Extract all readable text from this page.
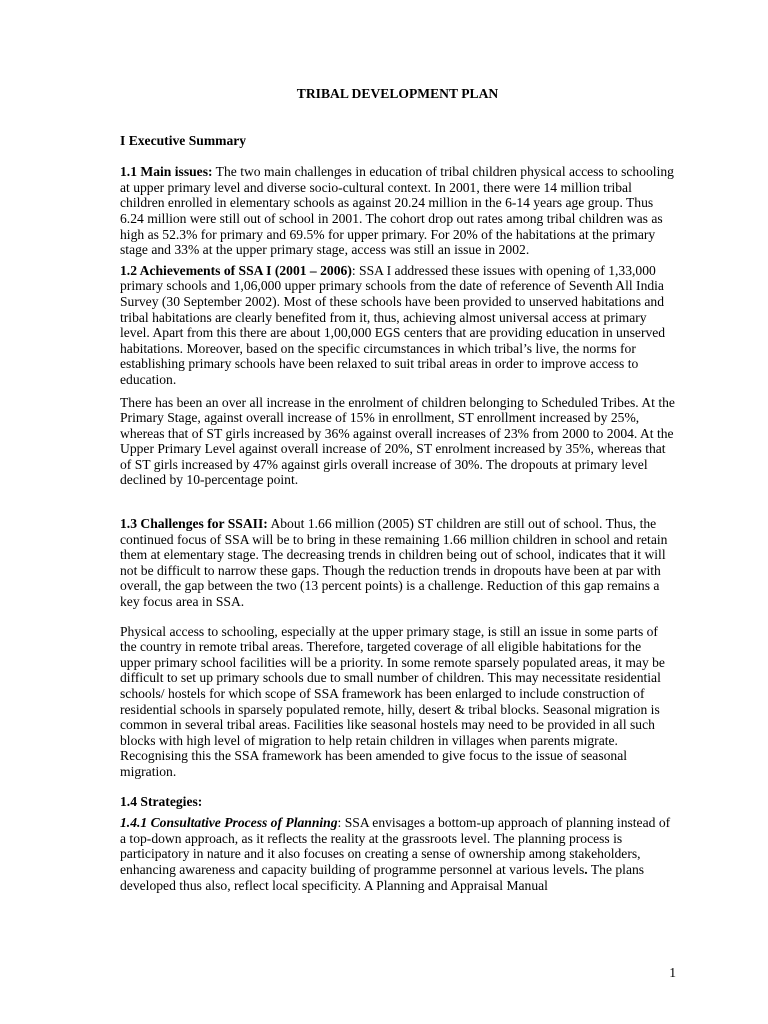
TRIBAL DEVELOPMENT PLAN
I Executive Summary

1.1 Main issues: The two main challenges in education of tribal children physical access to schooling at upper primary level and diverse socio-cultural context. In 2001, there were 14 million tribal children enrolled in elementary schools as against 20.24 million in the 6-14 years age group. Thus 6.24 million were still out of school in 2001. The cohort drop out rates among tribal children was as high as 52.3% for primary and 69.5% for upper primary. For 20% of the habitations at the primary stage and 33% at the upper primary stage, access was still an issue in 2002.

1.2 Achievements of SSA I (2001 – 2006): SSA I addressed these issues with opening of 1,33,000 primary schools and 1,06,000 upper primary schools from the date of reference of Seventh All India Survey (30 September 2002). Most of these schools have been provided to unserved habitations and tribal habitations are clearly benefited from it, thus, achieving almost universal access at primary level. Apart from this there are about 1,00,000 EGS centers that are providing education in unserved habitations. Moreover, based on the specific circumstances in which tribal’s live, the norms for establishing primary schools have been relaxed to suit tribal areas in order to improve access to education.

There has been an over all increase in the enrolment of children belonging to Scheduled Tribes. At the Primary Stage, against overall increase of 15% in enrollment, ST enrollment increased by 25%, whereas that of ST girls increased by 36% against overall increases of 23% from 2000 to 2004. At the Upper Primary Level against overall increase of 20%, ST enrolment increased by 35%, whereas that of ST girls increased by 47% against girls overall increase of 30%. The dropouts at primary level declined by 10-percentage point.

1.3 Challenges for SSAII: About 1.66 million (2005) ST children are still out of school. Thus, the continued focus of SSA will be to bring in these remaining 1.66 million children in school and retain them at elementary stage. The decreasing trends in children being out of school, indicates that it will not be difficult to narrow these gaps. Though the reduction trends in dropouts have been at par with overall, the gap between the two (13 percent points) is a challenge. Reduction of this gap remains a key focus area in SSA.

Physical access to schooling, especially at the upper primary stage, is still an issue in some parts of the country in remote tribal areas. Therefore, targeted coverage of all eligible habitations for the upper primary school facilities will be a priority. In some remote sparsely populated areas, it may be difficult to set up primary schools due to small number of children. This may necessitate residential schools/ hostels for which scope of SSA framework has been enlarged to include construction of residential schools in sparsely populated remote, hilly, desert & tribal blocks. Seasonal migration is common in several tribal areas. Facilities like seasonal hostels may need to be provided in all such blocks with high level of migration to help retain children in villages when parents migrate. Recognising this the SSA framework has been amended to give focus to the issue of seasonal migration.

1.4 Strategies:

1.4.1 Consultative Process of Planning: SSA envisages a bottom-up approach of planning instead of a top-down approach, as it reflects the reality at the grassroots level. The planning process is participatory in nature and it also focuses on creating a sense of ownership among stakeholders, enhancing awareness and capacity building of programme personnel at various levels. The plans developed thus also, reflect local specificity. A Planning and Appraisal Manual

1
